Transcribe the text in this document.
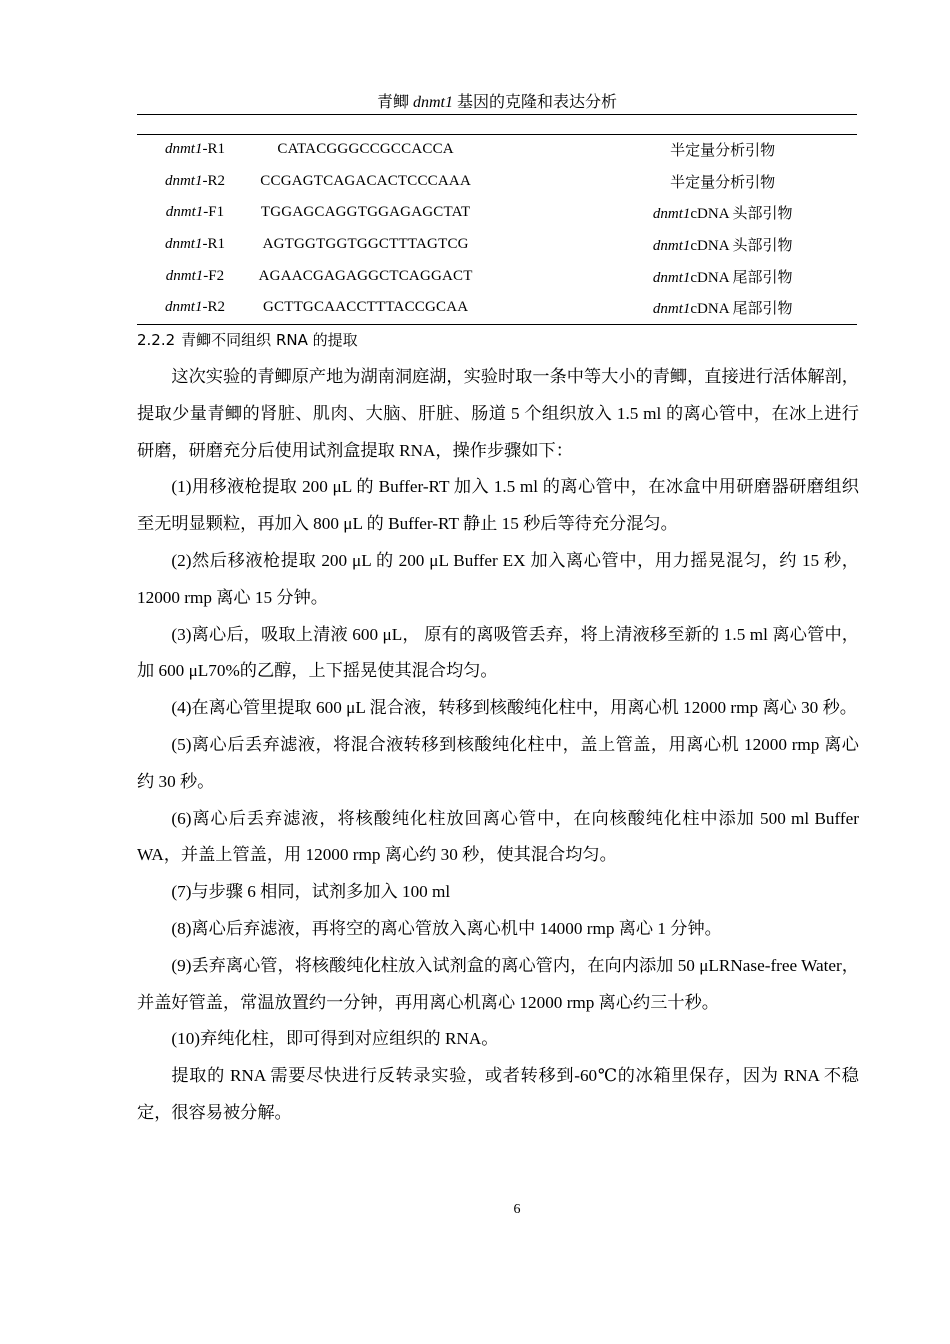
青鲫 dnmt1 基因的克隆和表达分析
dnmt1-R1	CATACGGGCCGCCACCA	半定量分析引物
dnmt1-R2	CCGAGTCAGACACTCCCAAA	半定量分析引物
dnmt1-F1	TGGAGCAGGTGGAGAGCTAT	dnmt1cDNA 头部引物
dnmt1-R1	AGTGGTGGTGGCTTTAGTCG	dnmt1cDNA 头部引物
dnmt1-F2	AGAACGAGAGGCTCAGGACT	dnmt1cDNA 尾部引物
dnmt1-R2	GCTTGCAACCTTTACCGCAA	dnmt1cDNA 尾部引物
2.2.2 青鲫不同组织 RNA 的提取

这次实验的青鲫原产地为湖南洞庭湖，实验时取一条中等大小的青鲫，直接进行活体解剖，提取少量青鲫的肾脏、肌肉、大脑、肝脏、肠道 5 个组织放入 1.5 ml 的离心管中，在冰上进行研磨，研磨充分后使用试剂盒提取 RNA，操作步骤如下：

(1)用移液枪提取 200 μL 的 Buffer-RT 加入 1.5 ml 的离心管中，在冰盒中用研磨器研磨组织至无明显颗粒，再加入 800 μL 的 Buffer-RT 静止 15 秒后等待充分混匀。

(2)然后移液枪提取 200 μL 的 200 μL Buffer EX 加入离心管中，用力摇晃混匀，约 15 秒，12000 rmp 离心 15 分钟。

(3)离心后，吸取上清液 600 μL， 原有的离吸管丢弃，将上清液移至新的 1.5 ml 离心管中，加 600 μL70%的乙醇，上下摇晃使其混合均匀。

(4)在离心管里提取 600 μL 混合液，转移到核酸纯化柱中，用离心机 12000 rmp 离心 30 秒。

(5)离心后丢弃滤液，将混合液转移到核酸纯化柱中，盖上管盖，用离心机 12000 rmp 离心约 30 秒。

(6)离心后丢弃滤液，将核酸纯化柱放回离心管中，在向核酸纯化柱中添加 500 ml Buffer WA，并盖上管盖，用 12000 rmp 离心约 30 秒，使其混合均匀。

(7)与步骤 6 相同，试剂多加入 100 ml

(8)离心后弃滤液，再将空的离心管放入离心机中 14000 rmp 离心 1 分钟。

(9)丢弃离心管，将核酸纯化柱放入试剂盒的离心管内，在向内添加 50 μLRNase-free Water，并盖好管盖，常温放置约一分钟，再用离心机离心 12000 rmp 离心约三十秒。

(10)弃纯化柱，即可得到对应组织的 RNA。

提取的 RNA 需要尽快进行反转录实验，或者转移到-60℃的冰箱里保存，因为 RNA 不稳定，很容易被分解。

6
